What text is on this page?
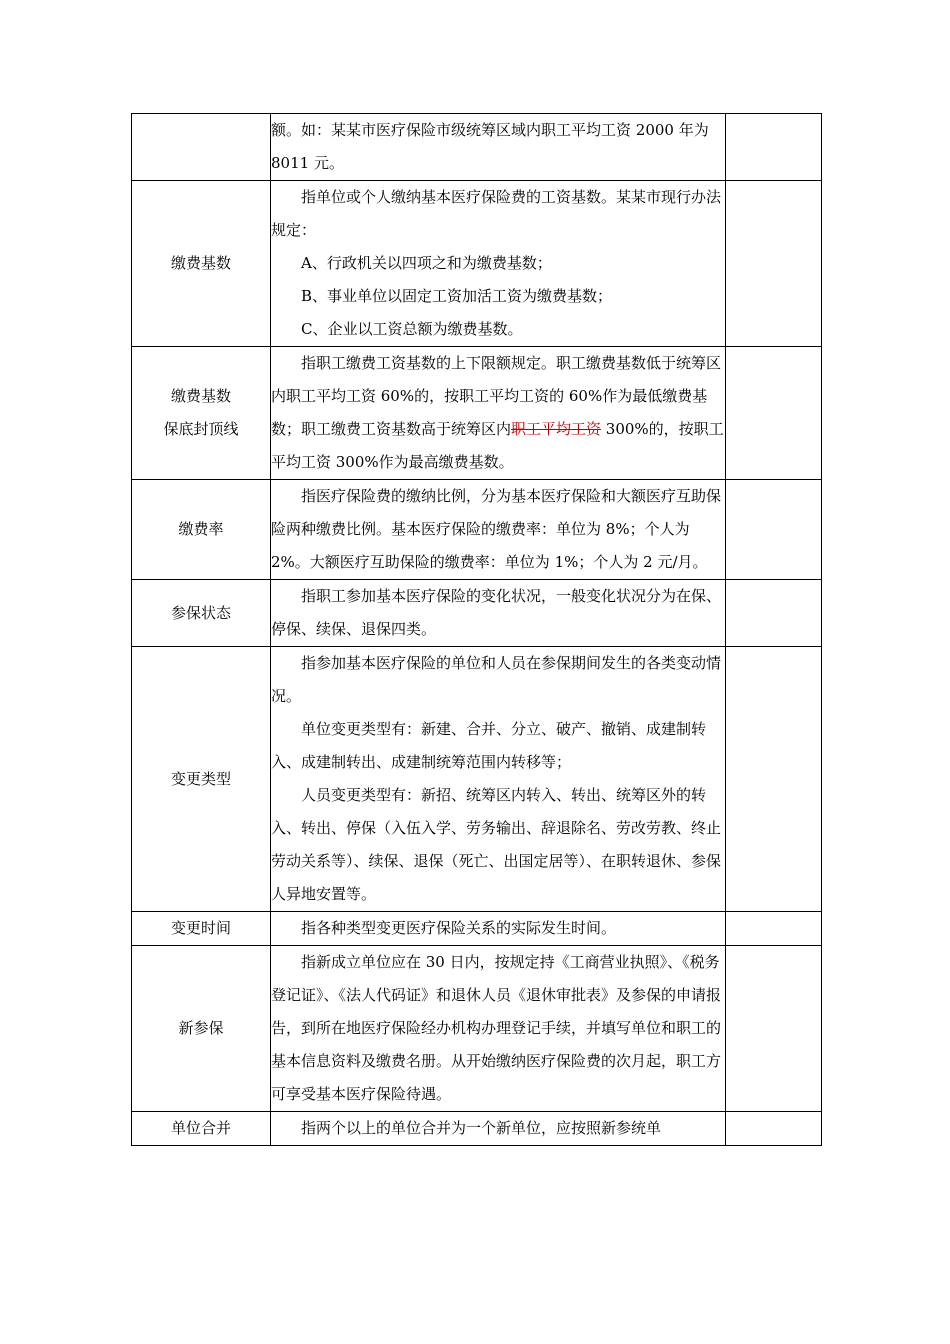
	额。如：某某市医疗保险市级统筹区域内职工平均工资 2000 年为 8011 元。	

缴费基数	指单位或个人缴纳基本医疗保险费的工资基数。某某市现行办法规定：

A、行政机关以四项之和为缴费基数；

B、事业单位以固定工资加活工资为缴费基数；

C、企业以工资总额为缴费基数。	

缴费基数
保底封顶线	指职工缴费工资基数的上下限额规定。职工缴费基数低于统筹区内职工平均工资 60%的，按职工平均工资的 60%作为最低缴费基数；职工缴费工资基数高于统筹区内职工平均工资 300%的，按职工平均工资 300%作为最高缴费基数。	

缴费率	指医疗保险费的缴纳比例，分为基本医疗保险和大额医疗互助保险两种缴费比例。基本医疗保险的缴费率：单位为 8%；个人为 2%。大额医疗互助保险的缴费率：单位为 1%；个人为 2 元/月。	

参保状态	指职工参加基本医疗保险的变化状况，一般变化状况分为在保、停保、续保、退保四类。	

变更类型	指参加基本医疗保险的单位和人员在参保期间发生的各类变动情况。

单位变更类型有：新建、合并、分立、破产、撤销、成建制转入、成建制转出、成建制统筹范围内转移等；

人员变更类型有：新招、统筹区内转入、转出、统筹区外的转入、转出、停保（入伍入学、劳务输出、辞退除名、劳改劳教、终止劳动关系等）、续保、退保（死亡、出国定居等）、在职转退休、参保人异地安置等。	

变更时间	指各种类型变更医疗保险关系的实际发生时间。	

新参保	指新成立单位应在 30 日内，按规定持《工商营业执照》、《税务登记证》、《法人代码证》和退休人员《退休审批表》及参保的申请报告，到所在地医疗保险经办机构办理登记手续，并填写单位和职工的基本信息资料及缴费名册。从开始缴纳医疗保险费的次月起，职工方可享受基本医疗保险待遇。	

单位合并	指两个以上的单位合并为一个新单位，应按照新参统单	
